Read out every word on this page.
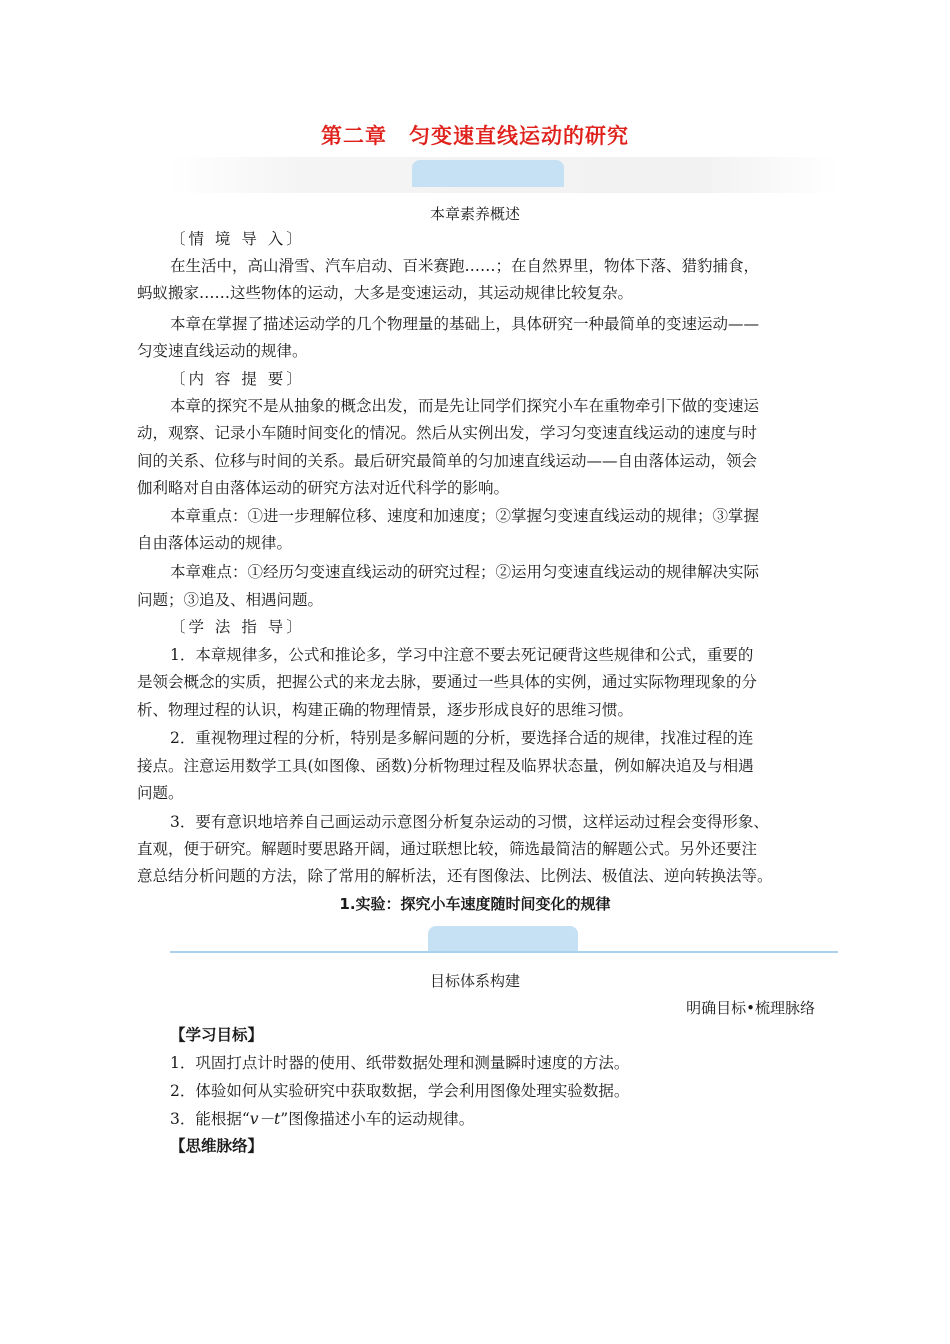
第二章　匀变速直线运动的研究
本章素养概述
〔情 境 导 入〕
在生活中，高山滑雪、汽车启动、百米赛跑……；在自然界里，物体下落、猎豹捕食，
蚂蚁搬家……这些物体的运动，大多是变速运动，其运动规律比较复杂。
本章在掌握了描述运动学的几个物理量的基础上，具体研究一种最简单的变速运动——
匀变速直线运动的规律。
〔内 容 提 要〕
本章的探究不是从抽象的概念出发，而是先让同学们探究小车在重物牵引下做的变速运
动，观察、记录小车随时间变化的情况。然后从实例出发，学习匀变速直线运动的速度与时
间的关系、位移与时间的关系。最后研究最简单的匀加速直线运动——自由落体运动，领会
伽利略对自由落体运动的研究方法对近代科学的影响。
本章重点：①进一步理解位移、速度和加速度；②掌握匀变速直线运动的规律；③掌握
自由落体运动的规律。
本章难点：①经历匀变速直线运动的研究过程；②运用匀变速直线运动的规律解决实际
问题；③追及、相遇问题。
〔学 法 指 导〕
1．本章规律多，公式和推论多，学习中注意不要去死记硬背这些规律和公式，重要的
是领会概念的实质，把握公式的来龙去脉，要通过一些具体的实例，通过实际物理现象的分
析、物理过程的认识，构建正确的物理情景，逐步形成良好的思维习惯。
2．重视物理过程的分析，特别是多解问题的分析，要选择合适的规律，找准过程的连
接点。注意运用数学工具(如图像、函数)分析物理过程及临界状态量，例如解决追及与相遇
问题。
3．要有意识地培养自己画运动示意图分析复杂运动的习惯，这样运动过程会变得形象、
直观，便于研究。解题时要思路开阔，通过联想比较，筛选最简洁的解题公式。另外还要注
意总结分析问题的方法，除了常用的解析法，还有图像法、比例法、极值法、逆向转换法等。
1.实验：探究小车速度随时间变化的规律
目标体系构建
明确目标•梳理脉络
【学习目标】
1．巩固打点计时器的使用、纸带数据处理和测量瞬时速度的方法。
2．体验如何从实验研究中获取数据，学会利用图像处理实验数据。
3．能根据“v－t”图像描述小车的运动规律。
【思维脉络】
